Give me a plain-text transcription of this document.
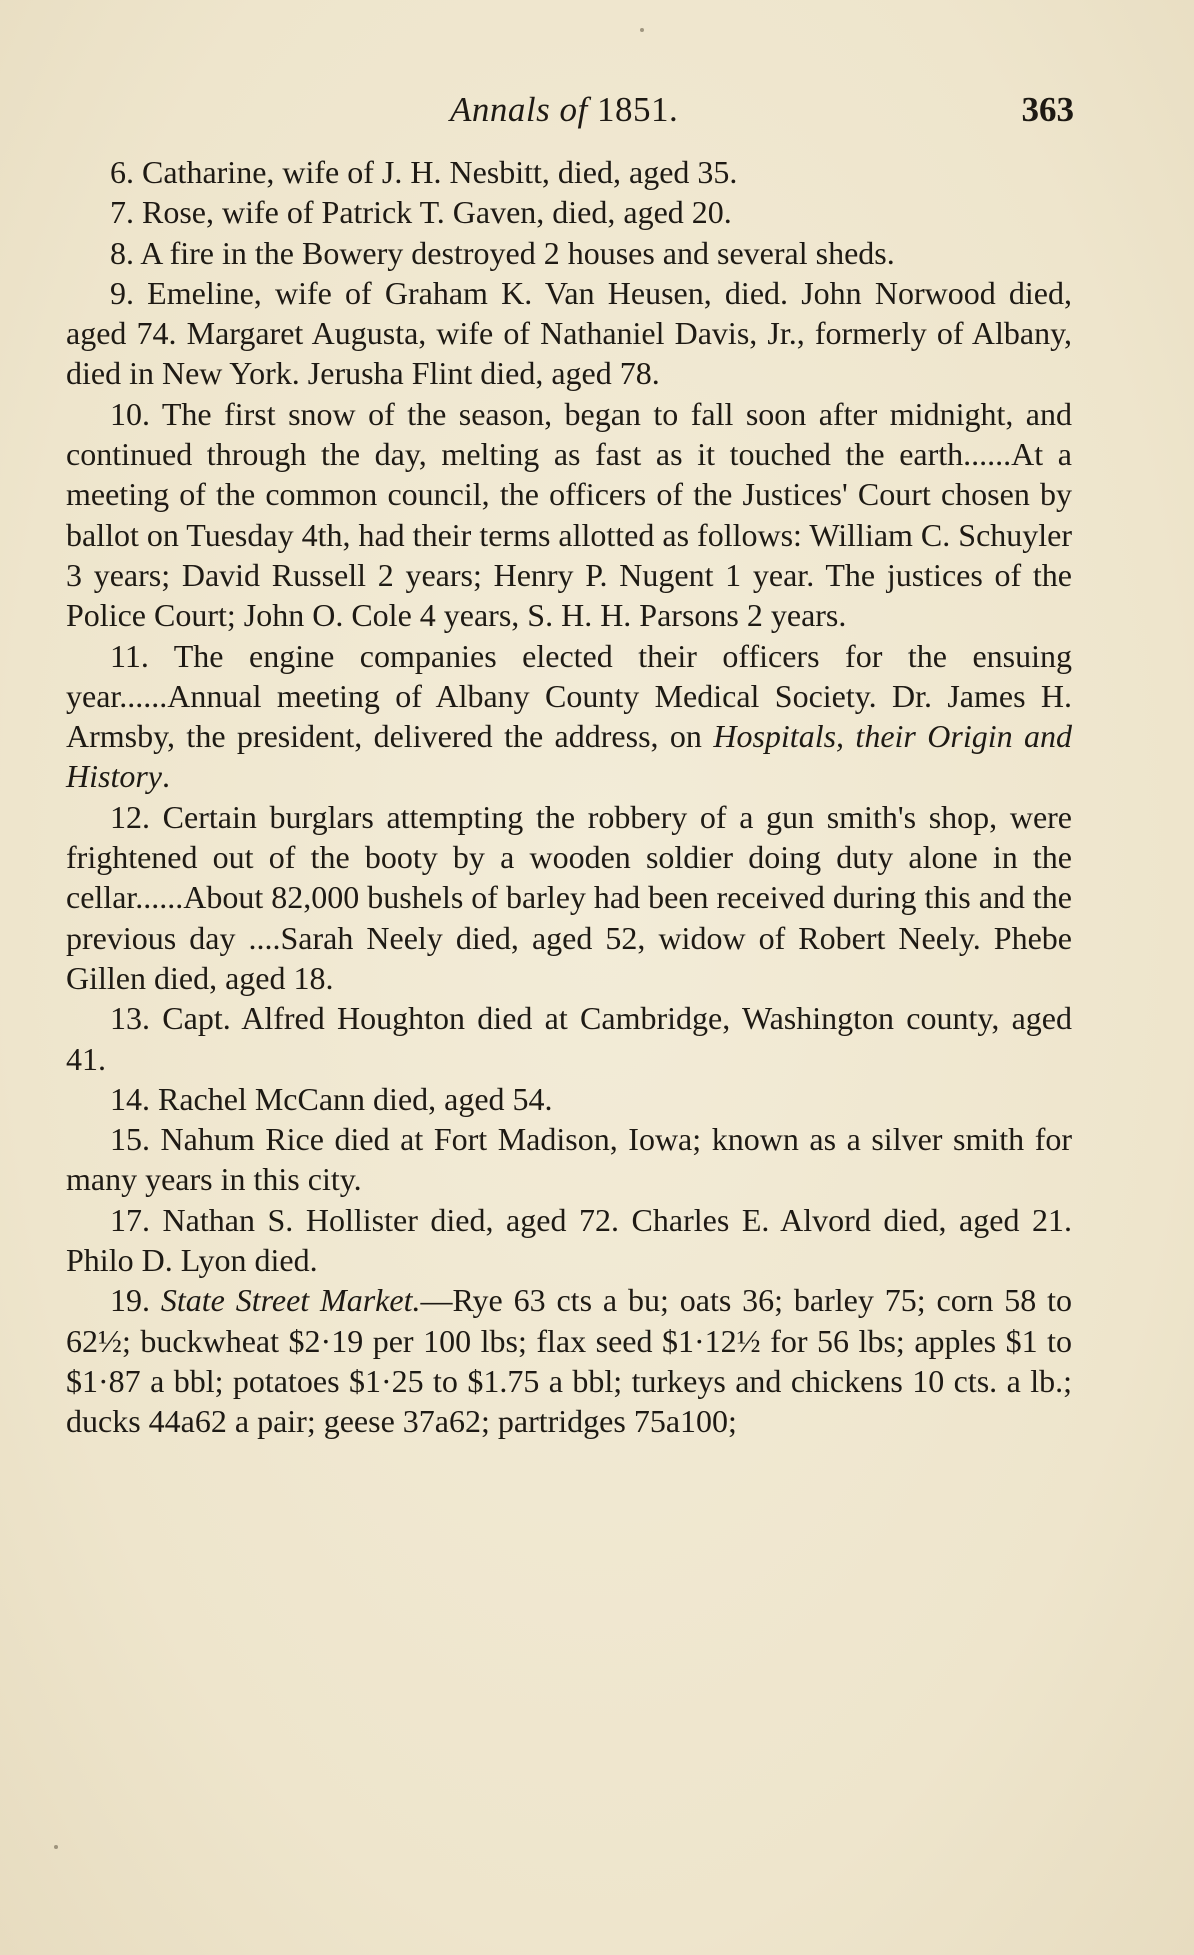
Annals of 1851.	363

6. Catharine, wife of J. H. Nesbitt, died, aged 35.

7. Rose, wife of Patrick T. Gaven, died, aged 20.

8. A fire in the Bowery destroyed 2 houses and several sheds.

9. Emeline, wife of Graham K. Van Heusen, died. John Norwood died, aged 74. Margaret Augusta, wife of Nathaniel Davis, Jr., formerly of Albany, died in New York. Jerusha Flint died, aged 78.

10. The first snow of the season, began to fall soon after midnight, and continued through the day, melting as fast as it touched the earth......At a meeting of the common council, the officers of the Justices' Court chosen by ballot on Tuesday 4th, had their terms allotted as follows: William C. Schuyler 3 years; David Russell 2 years; Henry P. Nugent 1 year. The justices of the Police Court; John O. Cole 4 years, S. H. H. Parsons 2 years.

11. The engine companies elected their officers for the ensuing year......Annual meeting of Albany County Medical Society. Dr. James H. Armsby, the president, delivered the address, on Hospitals, their Origin and History.

12. Certain burglars attempting the robbery of a gun smith's shop, were frightened out of the booty by a wooden soldier doing duty alone in the cellar......About 82,000 bushels of barley had been received during this and the previous day ....Sarah Neely died, aged 52, widow of Robert Neely. Phebe Gillen died, aged 18.

13. Capt. Alfred Houghton died at Cambridge, Washington county, aged 41.

14. Rachel McCann died, aged 54.

15. Nahum Rice died at Fort Madison, Iowa; known as a silver smith for many years in this city.

17. Nathan S. Hollister died, aged 72. Charles E. Alvord died, aged 21. Philo D. Lyon died.

19. State Street Market.—Rye 63 cts a bu; oats 36; barley 75; corn 58 to 62½; buckwheat $2·19 per 100 lbs; flax seed $1·12½ for 56 lbs; apples $1 to $1·87 a bbl; potatoes $1·25 to $1.75 a bbl; turkeys and chickens 10 cts. a lb.; ducks 44a62 a pair; geese 37a62; partridges 75a100;
